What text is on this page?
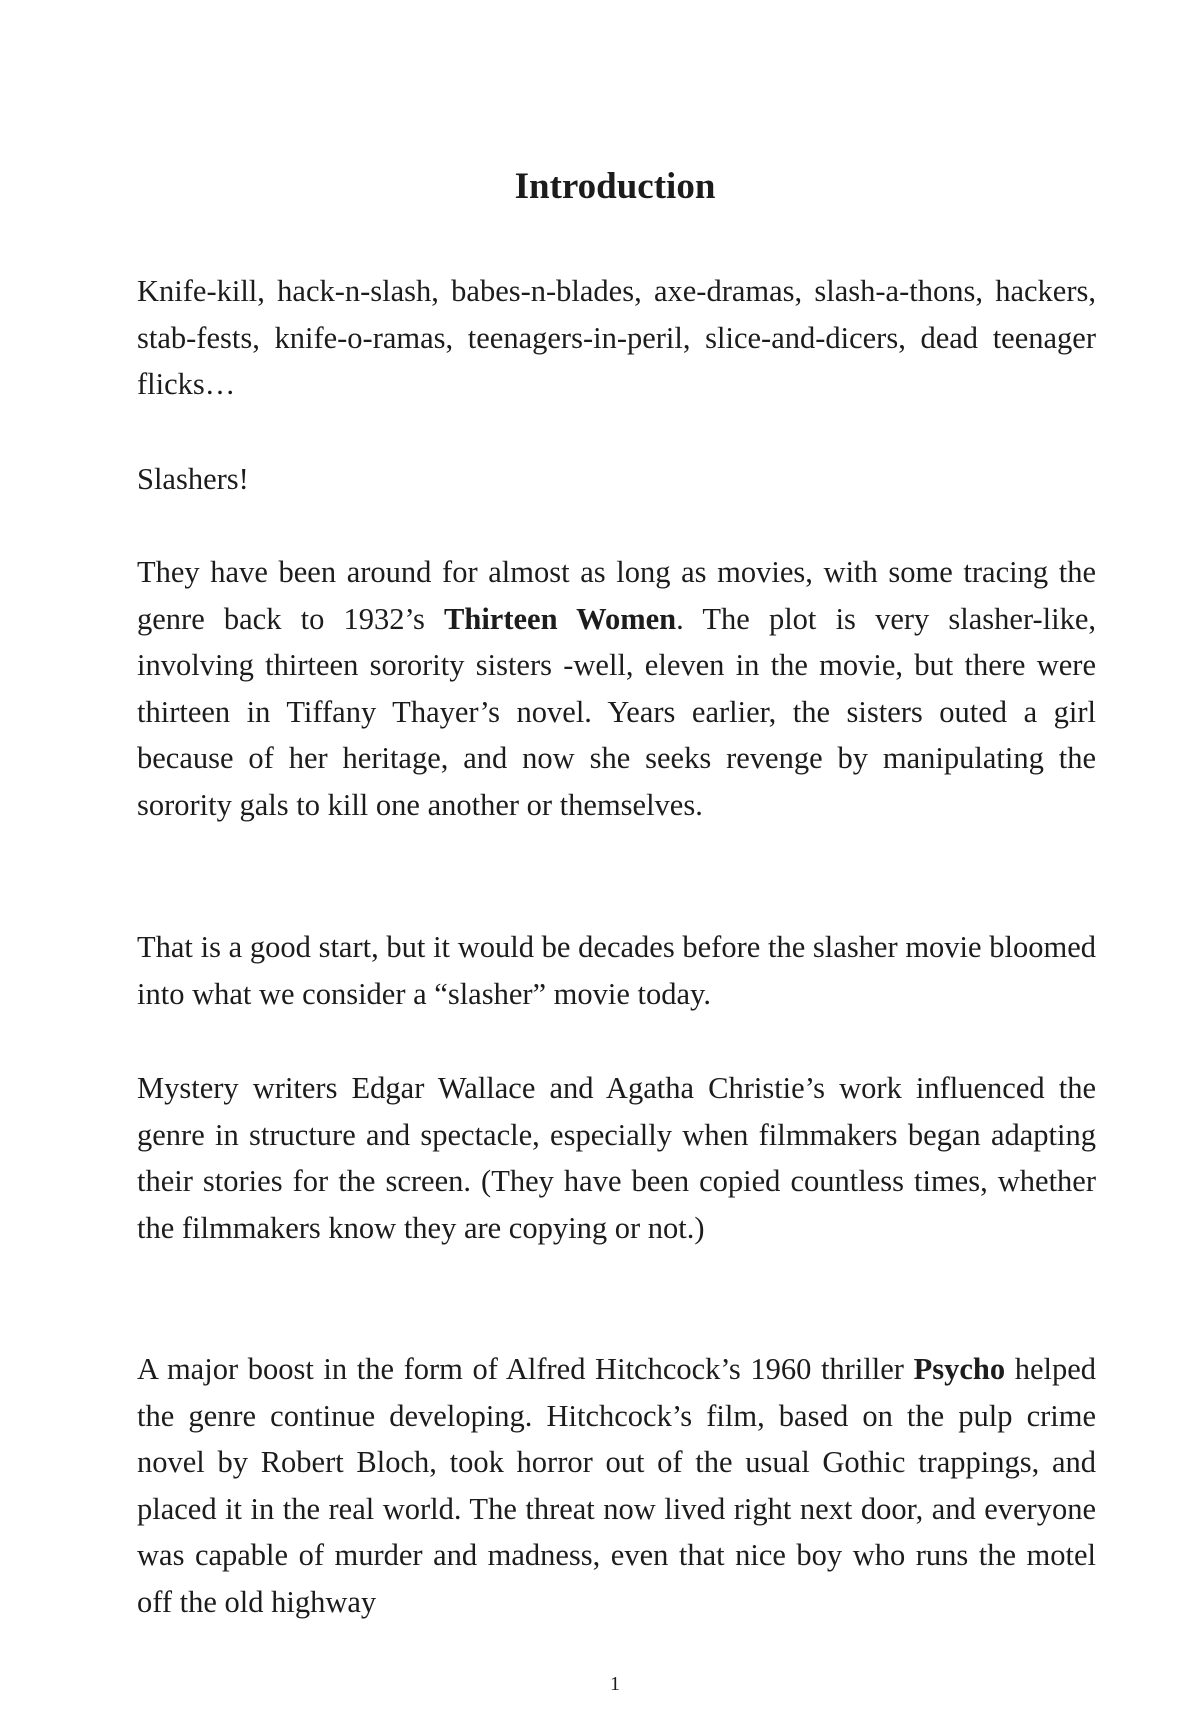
Introduction

Knife-kill, hack-n-slash, babes-n-blades, axe-dramas, slash-a-thons, hackers, stab-fests, knife-o-ramas, teenagers-in-peril, slice-and-dicers, dead teenager flicks…

Slashers!

They have been around for almost as long as movies, with some tracing the genre back to 1932’s Thirteen Women. The plot is very slasher-like, involving thirteen sorority sisters -well, eleven in the movie, but there were thirteen in Tiffany Thayer’s novel. Years earlier, the sisters outed a girl because of her heritage, and now she seeks revenge by manipulating the sorority gals to kill one another or themselves.

That is a good start, but it would be decades before the slasher movie bloomed into what we consider a “slasher” movie today.

Mystery writers Edgar Wallace and Agatha Christie’s work influenced the genre in structure and spectacle, especially when filmmakers began adapting their stories for the screen. (They have been copied countless times, whether the filmmakers know they are copying or not.)

A major boost in the form of Alfred Hitchcock’s 1960 thriller Psycho helped the genre continue developing. Hitchcock’s film, based on the pulp crime novel by Robert Bloch, took horror out of the usual Gothic trappings, and placed it in the real world. The threat now lived right next door, and everyone was capable of murder and madness, even that nice boy who runs the motel off the old highway

1
